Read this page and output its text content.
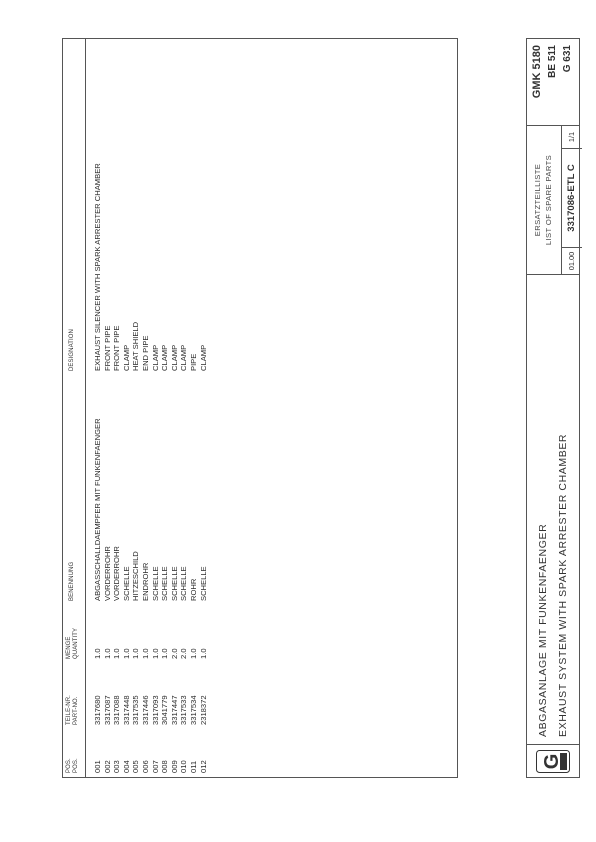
POS. POS.
TEILE-NR. PART-NO.
MENGE QUANTITY
BENENNUNG
DESIGNATION
001
3317680
1.0
ABGASSCHALLDAEMPFER MIT FUNKENFAENGER
EXHAUST SILENCER WITH SPARK ARRESTER CHAMBER
002
3317087
1.0
VORDERROHR
FRONT PIPE
003
3317088
1.0
VORDERROHR
FRONT PIPE
004
3317448
1.0
SCHELLE
CLAMP
005
3317535
1.0
HITZESCHILD
HEAT SHIELD
006
3317446
1.0
ENDROHR
END PIPE
007
3317093
1.0
SCHELLE
CLAMP
008
3041779
1.0
SCHELLE
CLAMP
009
3317447
2.0
SCHELLE
CLAMP
010
3317533
2.0
SCHELLE
CLAMP
011
3317534
1.0
ROHR
PIPE
012
2318372
1.0
SCHELLE
CLAMP
G
ABGASANLAGE MIT FUNKENFAENGER EXHAUST SYSTEM WITH SPARK ARRESTER CHAMBER
ERSATZTEILLISTE LIST OF SPARE PARTS
01.00
3317086-ETL C
1/1
GMK 5180 BE 511 G 631
